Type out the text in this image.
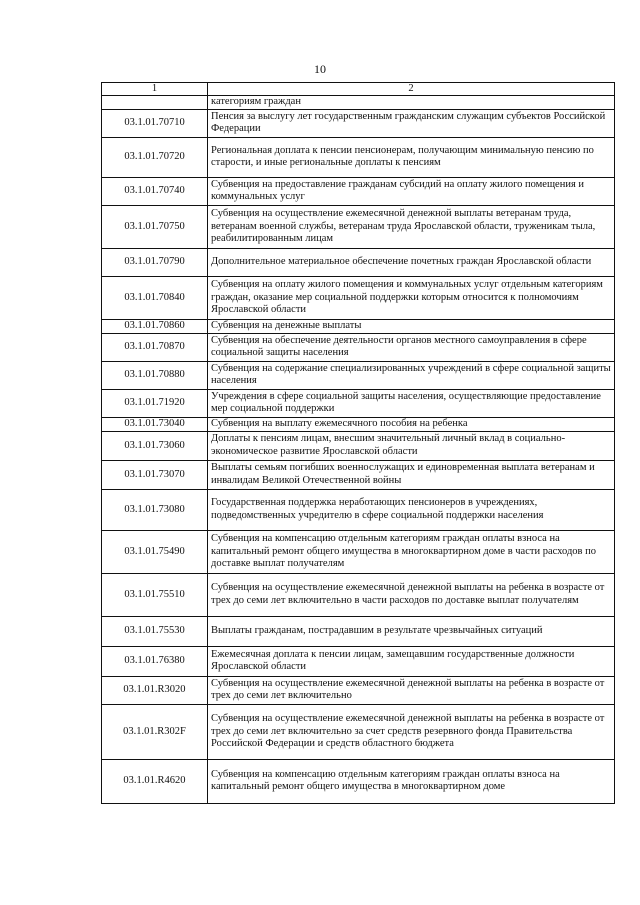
10
1	2
	категориям граждан
03.1.01.70710	Пенсия за выслугу лет государственным гражданским служащим субъектов Российской Федерации
03.1.01.70720	Региональная доплата к пенсии пенсионерам, получающим минимальную пенсию по старости, и иные региональные доплаты к пенсиям
03.1.01.70740	Субвенция на предоставление гражданам субсидий на оплату жилого помещения и коммунальных услуг
03.1.01.70750	Субвенция на осуществление ежемесячной денежной выплаты ветеранам труда, ветеранам военной службы, ветеранам труда Ярославской области, труженикам тыла, реабилитированным лицам
03.1.01.70790	Дополнительное материальное обеспечение почетных граждан Ярославской области
03.1.01.70840	Субвенция на оплату жилого помещения и коммунальных услуг отдельным категориям граждан, оказание мер социальной поддержки которым относится к полномочиям Ярославской области
03.1.01.70860	Субвенция на денежные выплаты
03.1.01.70870	Субвенция на обеспечение деятельности органов местного самоуправления в сфере социальной защиты населения
03.1.01.70880	Субвенция на содержание специализированных учреждений в сфере социальной защиты населения
03.1.01.71920	Учреждения в сфере социальной защиты населения, осуществляющие предоставление мер социальной поддержки
03.1.01.73040	Субвенция на выплату ежемесячного пособия на ребенка
03.1.01.73060	Доплаты к пенсиям лицам, внесшим значительный личный вклад в социально-экономическое развитие Ярославской области
03.1.01.73070	Выплаты семьям погибших военнослужащих и единовременная выплата ветеранам и инвалидам Великой Отечественной войны
03.1.01.73080	Государственная поддержка неработающих пенсионеров в учреждениях, подведомственных учредителю в сфере социальной поддержки населения
03.1.01.75490	Субвенция на компенсацию отдельным категориям граждан оплаты взноса на капитальный ремонт общего имущества в многоквартирном доме в части расходов по доставке выплат получателям
03.1.01.75510	Субвенция на осуществление ежемесячной денежной выплаты на ребенка в возрасте от трех до семи лет включительно в части расходов по доставке выплат получателям
03.1.01.75530	Выплаты гражданам, пострадавшим в результате чрезвычайных ситуаций
03.1.01.76380	Ежемесячная доплата к пенсии лицам, замещавшим государственные должности Ярославской области
03.1.01.R3020	Субвенция на осуществление ежемесячной денежной выплаты на ребенка в возрасте от трех до семи лет включительно
03.1.01.R302F	Субвенция на осуществление ежемесячной денежной выплаты на ребенка в возрасте от трех до семи лет включительно за счет средств резервного фонда Правительства Российской Федерации и средств областного бюджета
03.1.01.R4620	Субвенция на компенсацию отдельным категориям граждан оплаты взноса на капитальный ремонт общего имущества в многоквартирном доме
